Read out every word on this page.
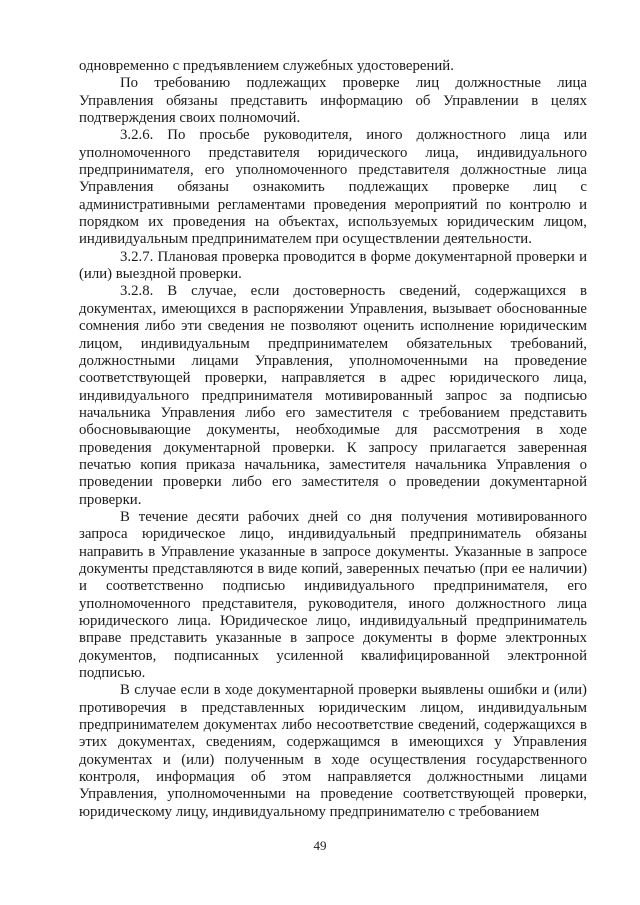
одновременно с предъявлением служебных удостоверений.

По требованию подлежащих проверке лиц должностные лица Управления обязаны представить информацию об Управлении в целях подтверждения своих полномочий.

3.2.6. По просьбе руководителя, иного должностного лица или уполномоченного представителя юридического лица, индивидуального предпринимателя, его уполномоченного представителя должностные лица Управления обязаны ознакомить подлежащих проверке лиц с административными регламентами проведения мероприятий по контролю и порядком их проведения на объектах, используемых юридическим лицом, индивидуальным предпринимателем при осуществлении деятельности.

3.2.7. Плановая проверка проводится в форме документарной проверки и (или) выездной проверки.

3.2.8. В случае, если достоверность сведений, содержащихся в документах, имеющихся в распоряжении Управления, вызывает обоснованные сомнения либо эти сведения не позволяют оценить исполнение юридическим лицом, индивидуальным предпринимателем обязательных требований, должностными лицами Управления, уполномоченными на проведение соответствующей проверки, направляется в адрес юридического лица, индивидуального предпринимателя мотивированный запрос за подписью начальника Управления либо его заместителя с требованием представить обосновывающие документы, необходимые для рассмотрения в ходе проведения документарной проверки. К запросу прилагается заверенная печатью копия приказа начальника, заместителя начальника Управления о проведении проверки либо его заместителя о проведении документарной проверки.

В течение десяти рабочих дней со дня получения мотивированного запроса юридическое лицо, индивидуальный предприниматель обязаны направить в Управление указанные в запросе документы. Указанные в запросе документы представляются в виде копий, заверенных печатью (при ее наличии) и соответственно подписью индивидуального предпринимателя, его уполномоченного представителя, руководителя, иного должностного лица юридического лица. Юридическое лицо, индивидуальный предприниматель вправе представить указанные в запросе документы в форме электронных документов, подписанных усиленной квалифицированной электронной подписью.

В случае если в ходе документарной проверки выявлены ошибки и (или) противоречия в представленных юридическим лицом, индивидуальным предпринимателем документах либо несоответствие сведений, содержащихся в этих документах, сведениям, содержащимся в имеющихся у Управления документах и (или) полученным в ходе осуществления государственного контроля, информация об этом направляется должностными лицами Управления, уполномоченными на проведение соответствующей проверки, юридическому лицу, индивидуальному предпринимателю с требованием

49
